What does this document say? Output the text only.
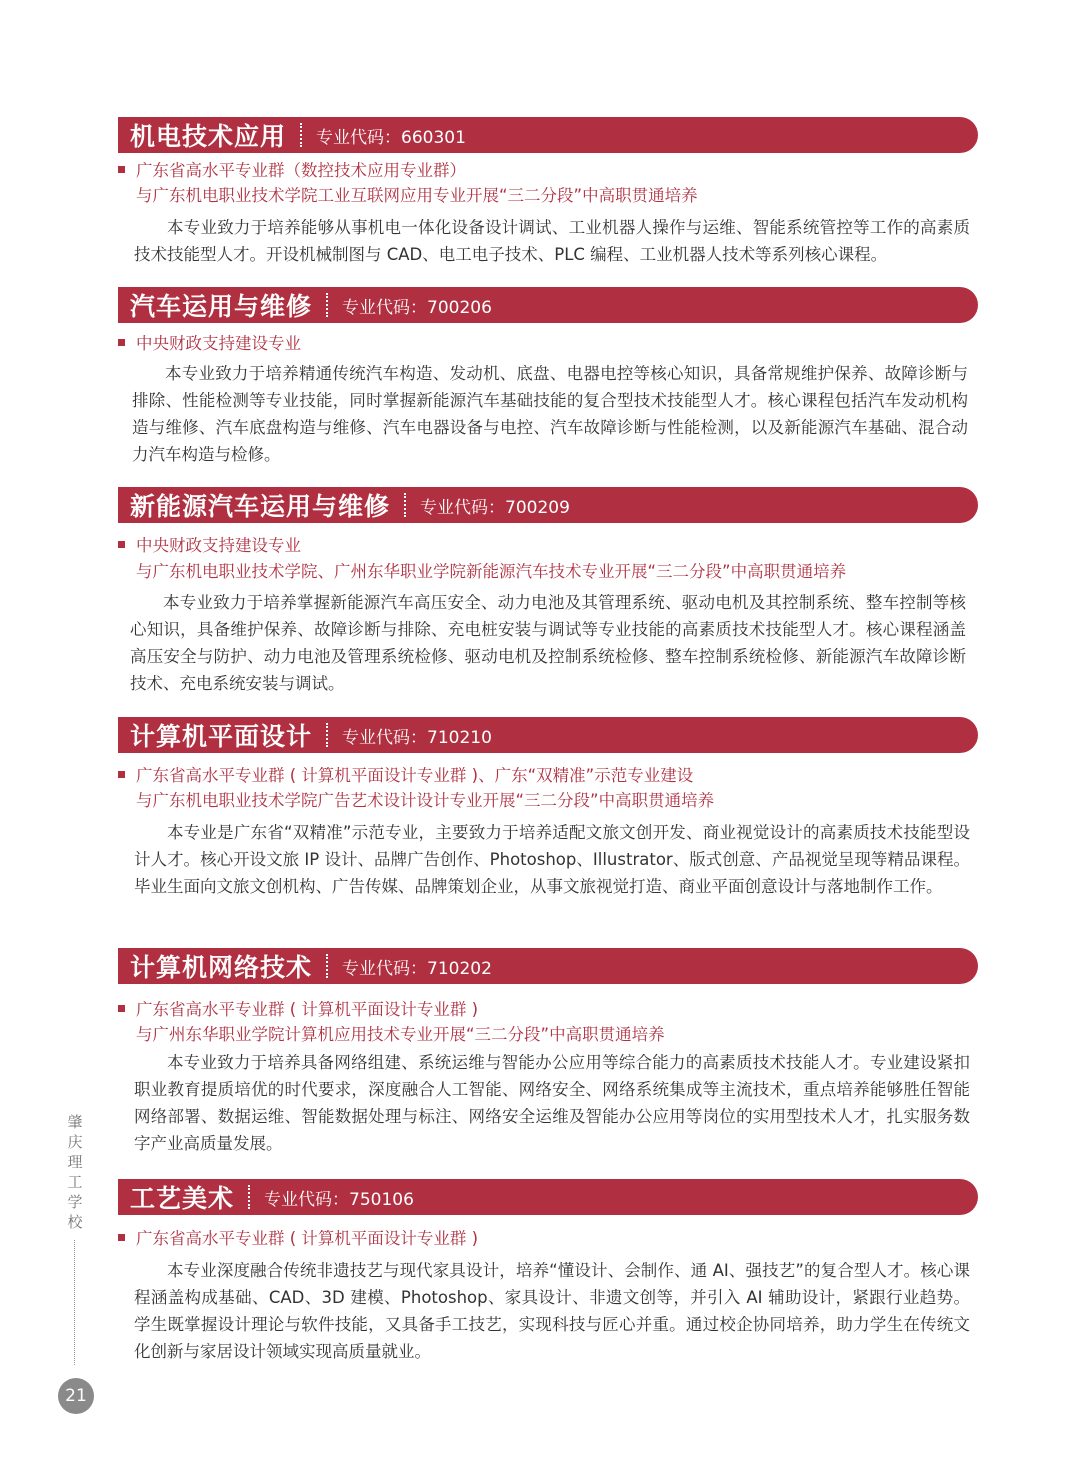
机电技术应用 专业代码：660301
广东省高水平专业群（数控技术应用专业群）
与广东机电职业技术学院工业互联网应用专业开展“三二分段”中高职贯通培养
本专业致力于培养能够从事机电一体化设备设计调试、工业机器人操作与运维、智能系统管控等工作的高素质技术技能型人才。开设机械制图与 CAD、电工电子技术、PLC 编程、工业机器人技术等系列核心课程。
汽车运用与维修 专业代码：700206
中央财政支持建设专业
本专业致力于培养精通传统汽车构造、发动机、底盘、电器电控等核心知识，具备常规维护保养、故障诊断与排除、性能检测等专业技能，同时掌握新能源汽车基础技能的复合型技术技能型人才。核心课程包括汽车发动机构造与维修、汽车底盘构造与维修、汽车电器设备与电控、汽车故障诊断与性能检测，以及新能源汽车基础、混合动力汽车构造与检修。
新能源汽车运用与维修 专业代码：700209
中央财政支持建设专业
与广东机电职业技术学院、广州东华职业学院新能源汽车技术专业开展“三二分段”中高职贯通培养
本专业致力于培养掌握新能源汽车高压安全、动力电池及其管理系统、驱动电机及其控制系统、整车控制等核心知识，具备维护保养、故障诊断与排除、充电桩安装与调试等专业技能的高素质技术技能型人才。核心课程涵盖高压安全与防护、动力电池及管理系统检修、驱动电机及控制系统检修、整车控制系统检修、新能源汽车故障诊断技术、充电系统安装与调试。
计算机平面设计 专业代码：710210
广东省高水平专业群 ( 计算机平面设计专业群 )、广东“双精准”示范专业建设
与广东机电职业技术学院广告艺术设计设计专业开展“三二分段”中高职贯通培养
本专业是广东省“双精准”示范专业，主要致力于培养适配文旅文创开发、商业视觉设计的高素质技术技能型设计人才。核心开设文旅 IP 设计、品牌广告创作、Photoshop、Illustrator、版式创意、产品视觉呈现等精品课程。毕业生面向文旅文创机构、广告传媒、品牌策划企业，从事文旅视觉打造、商业平面创意设计与落地制作工作。
计算机网络技术 专业代码：710202
广东省高水平专业群 ( 计算机平面设计专业群 )
与广州东华职业学院计算机应用技术专业开展“三二分段”中高职贯通培养
本专业致力于培养具备网络组建、系统运维与智能办公应用等综合能力的高素质技术技能人才。专业建设紧扣职业教育提质培优的时代要求，深度融合人工智能、网络安全、网络系统集成等主流技术，重点培养能够胜任智能网络部署、数据运维、智能数据处理与标注、网络安全运维及智能办公应用等岗位的实用型技术人才，扎实服务数字产业高质量发展。
工艺美术 专业代码：750106
广东省高水平专业群 ( 计算机平面设计专业群 )
本专业深度融合传统非遗技艺与现代家具设计，培养“懂设计、会制作、通 AI、强技艺”的复合型人才。核心课程涵盖构成基础、CAD、3D 建模、Photoshop、家具设计、非遗文创等，并引入 AI 辅助设计，紧跟行业趋势。学生既掌握设计理论与软件技能，又具备手工技艺，实现科技与匠心并重。通过校企协同培养，助力学生在传统文化创新与家居设计领域实现高质量就业。
肇庆理工学校
21
